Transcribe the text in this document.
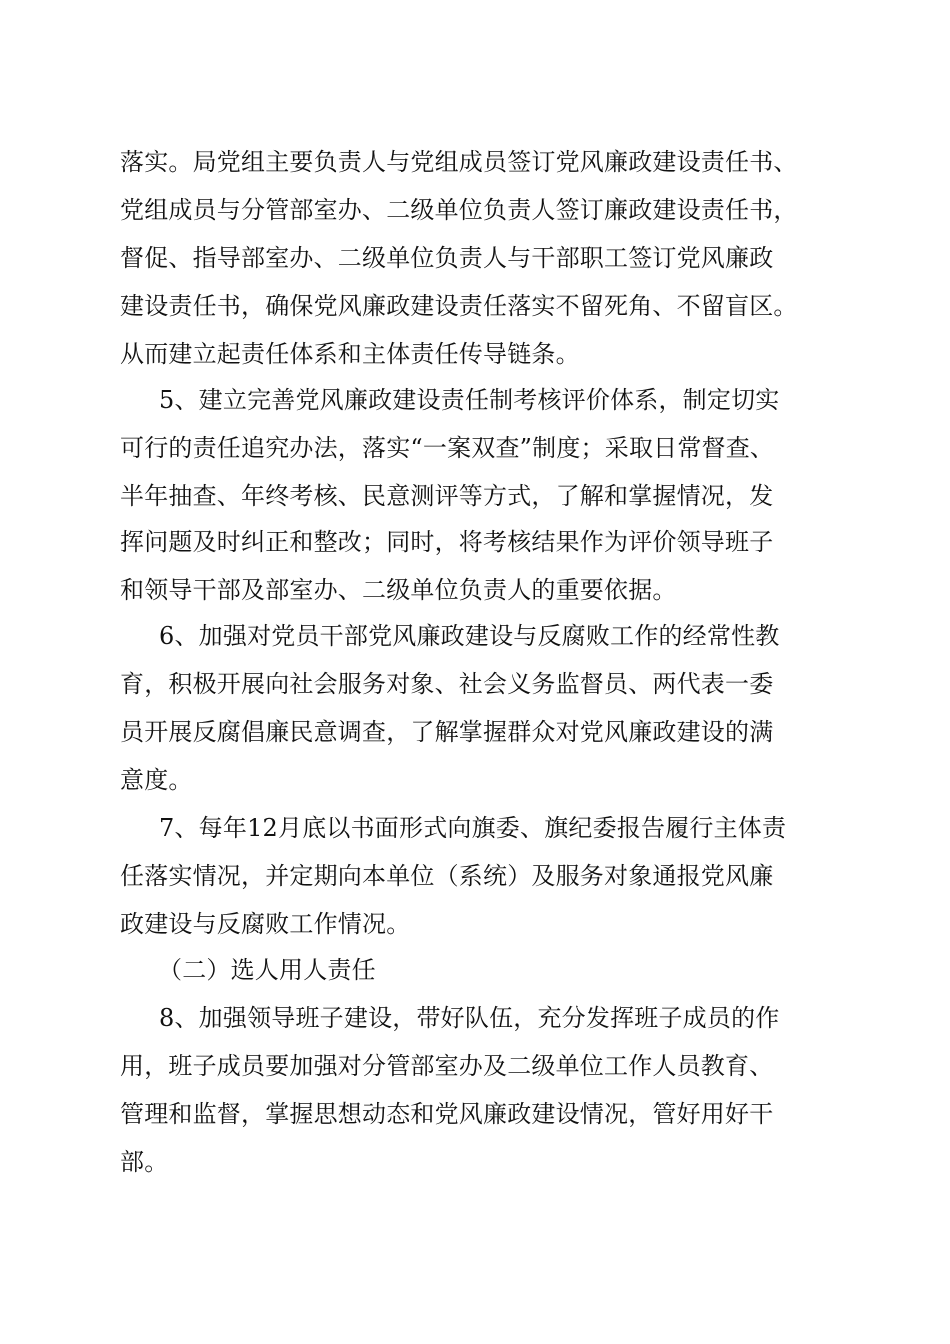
落实。局党组主要负责人与党组成员签订党风廉政建设责任书、
党组成员与分管部室办、二级单位负责人签订廉政建设责任书，
督促、指导部室办、二级单位负责人与干部职工签订党风廉政
建设责任书，确保党风廉政建设责任落实不留死角、不留盲区。
从而建立起责任体系和主体责任传导链条。
5、建立完善党风廉政建设责任制考核评价体系，制定切实
可行的责任追究办法，落实“一案双查”制度；采取日常督查、
半年抽查、年终考核、民意测评等方式，了解和掌握情况，发
挥问题及时纠正和整改；同时，将考核结果作为评价领导班子
和领导干部及部室办、二级单位负责人的重要依据。
6、加强对党员干部党风廉政建设与反腐败工作的经常性教
育，积极开展向社会服务对象、社会义务监督员、两代表一委
员开展反腐倡廉民意调查，了解掌握群众对党风廉政建设的满
意度。
7、每年12月底以书面形式向旗委、旗纪委报告履行主体责
任落实情况，并定期向本单位（系统）及服务对象通报党风廉
政建设与反腐败工作情况。
（二）选人用人责任
8、加强领导班子建设，带好队伍，充分发挥班子成员的作
用，班子成员要加强对分管部室办及二级单位工作人员教育、
管理和监督，掌握思想动态和党风廉政建设情况，管好用好干
部。
